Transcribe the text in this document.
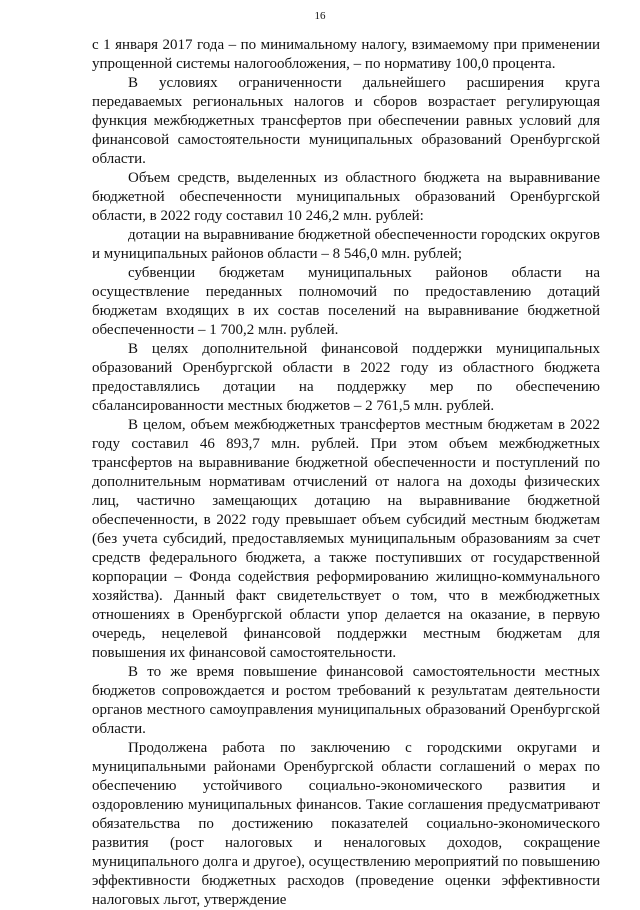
16

с 1 января 2017 года – по минимальному налогу, взимаемому при применении упрощенной системы налогообложения, – по нормативу 100,0 процента.

В условиях ограниченности дальнейшего расширения круга передаваемых региональных налогов и сборов возрастает регулирующая функция межбюджетных трансфертов при обеспечении равных условий для финансовой самостоятельности муниципальных образований Оренбургской области.

Объем средств, выделенных из областного бюджета на выравнивание бюджетной обеспеченности муниципальных образований Оренбургской области, в 2022 году составил 10 246,2 млн. рублей:

дотации на выравнивание бюджетной обеспеченности городских округов и муниципальных районов области – 8 546,0 млн. рублей;

субвенции бюджетам муниципальных районов области на осуществление переданных полномочий по предоставлению дотаций бюджетам входящих в их состав поселений на выравнивание бюджетной обеспеченности – 1 700,2 млн. рублей.

В целях дополнительной финансовой поддержки муниципальных образований Оренбургской области в 2022 году из областного бюджета предоставлялись дотации на поддержку мер по обеспечению сбалансированности местных бюджетов – 2 761,5 млн. рублей.

В целом, объем межбюджетных трансфертов местным бюджетам в 2022 году составил 46 893,7 млн. рублей. При этом объем межбюджетных трансфертов на выравнивание бюджетной обеспеченности и поступлений по дополнительным нормативам отчислений от налога на доходы физических лиц, частично замещающих дотацию на выравнивание бюджетной обеспеченности, в 2022 году превышает объем субсидий местным бюджетам (без учета субсидий, предоставляемых муниципальным образованиям за счет средств федерального бюджета, а также поступивших от государственной корпорации – Фонда содействия реформированию жилищно-коммунального хозяйства). Данный факт свидетельствует о том, что в межбюджетных отношениях в Оренбургской области упор делается на оказание, в первую очередь, нецелевой финансовой поддержки местным бюджетам для повышения их финансовой самостоятельности.

В то же время повышение финансовой самостоятельности местных бюджетов сопровождается и ростом требований к результатам деятельности органов местного самоуправления муниципальных образований Оренбургской области.

Продолжена работа по заключению с городскими округами и муниципальными районами Оренбургской области соглашений о мерах по обеспечению устойчивого социально-экономического развития и оздоровлению муниципальных финансов. Такие соглашения предусматривают обязательства по достижению показателей социально-экономического развития (рост налоговых и неналоговых доходов, сокращение муниципального долга и другое), осуществлению мероприятий по повышению эффективности бюджетных расходов (проведение оценки эффективности налоговых льгот, утверждение
